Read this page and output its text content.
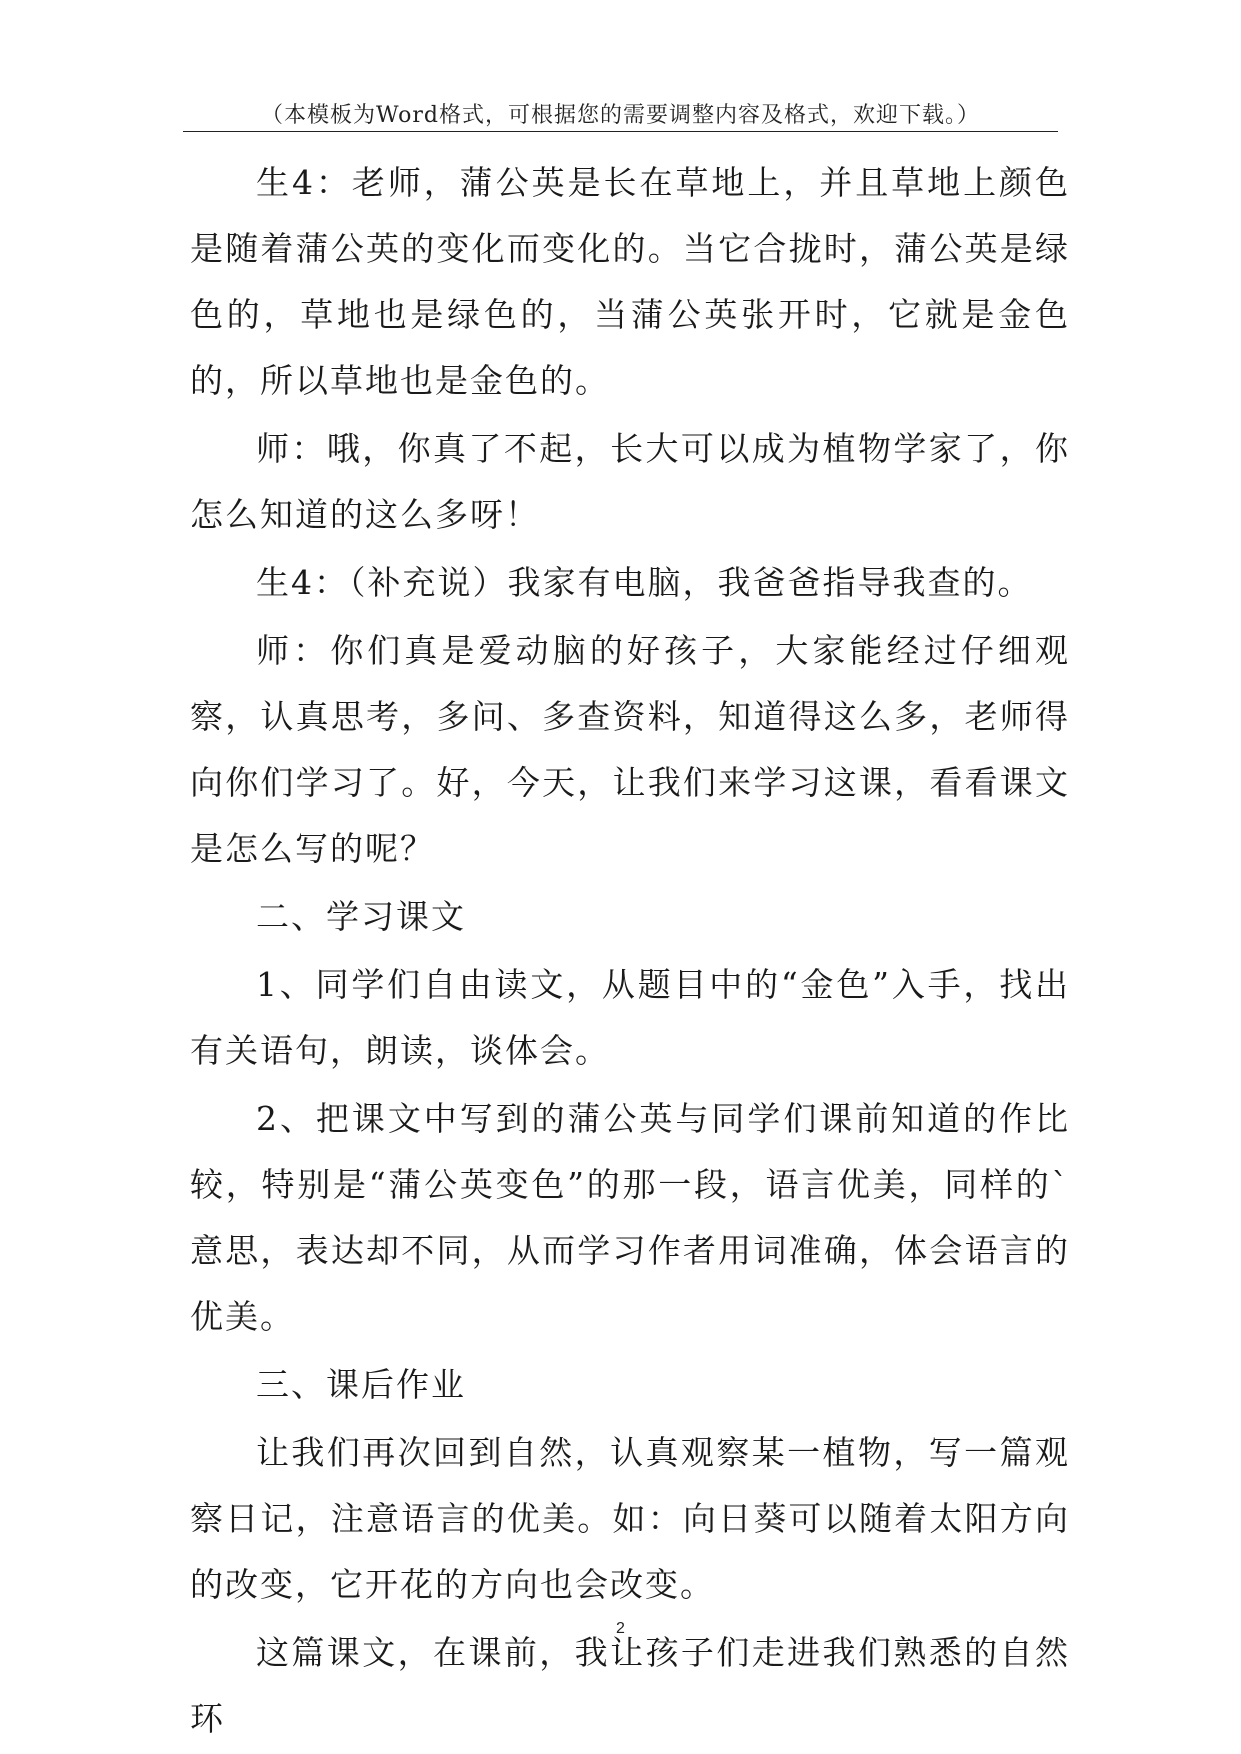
（本模板为Word格式，可根据您的需要调整内容及格式，欢迎下载。）

生4：老师，蒲公英是长在草地上，并且草地上颜色是随着蒲公英的变化而变化的。当它合拢时，蒲公英是绿色的，草地也是绿色的，当蒲公英张开时，它就是金色的，所以草地也是金色的。

师：哦，你真了不起，长大可以成为植物学家了，你怎么知道的这么多呀！

生4：（补充说）我家有电脑，我爸爸指导我查的。

师：你们真是爱动脑的好孩子，大家能经过仔细观察，认真思考，多问、多查资料，知道得这么多，老师得向你们学习了。好，今天，让我们来学习这课，看看课文是怎么写的呢？

二、学习课文

1、同学们自由读文，从题目中的“金色”入手，找出有关语句，朗读，谈体会。

2、把课文中写到的蒲公英与同学们课前知道的作比较，特别是“蒲公英变色”的那一段，语言优美，同样的`意思，表达却不同，从而学习作者用词准确，体会语言的优美。

三、课后作业

让我们再次回到自然，认真观察某一植物，写一篇观察日记，注意语言的优美。如：向日葵可以随着太阳方向的改变，它开花的方向也会改变。

这篇课文，在课前，我让孩子们走进我们熟悉的自然环

2
